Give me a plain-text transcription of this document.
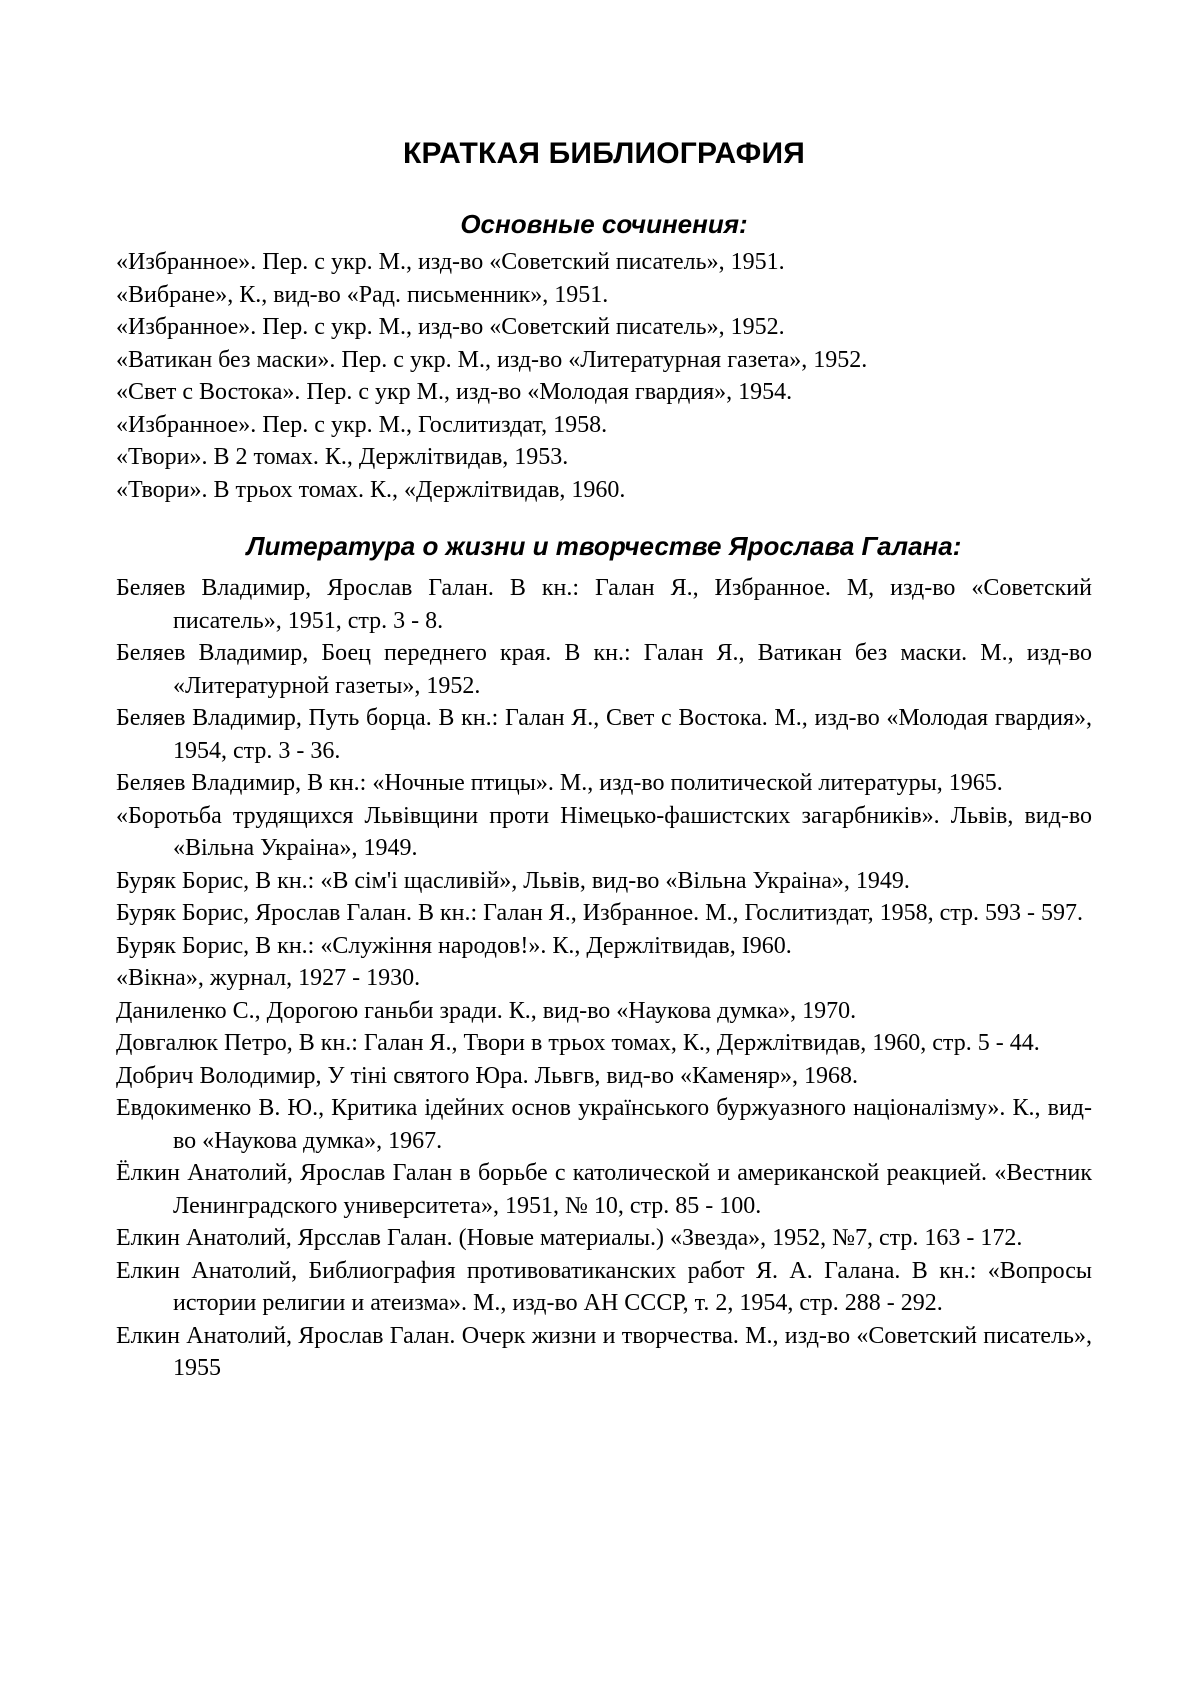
КРАТКАЯ БИБЛИОГРАФИЯ
Основные сочинения:
«Избранное». Пер. с укр. М., изд-во «Советский писатель», 1951.
«Вибране», К., вид-во «Рад. письменник», 1951.
«Избранное». Пер. с укр. М., изд-во «Советский писатель», 1952.
«Ватикан без маски». Пер. с укр. М., изд-во «Литературная газета», 1952.
«Свет с Востока». Пер. с укр М., изд-во «Молодая гвардия», 1954.
«Избранное». Пер. с укр. М., Гослитиздат, 1958.
«Твори». В 2 томах. К., Держлітвидав, 1953.
«Твори». В трьох томах. К., «Держлітвидав, 1960.
Литература о жизни и творчестве Ярослава Галана:
Беляев Владимир, Ярослав Галан. В кн.: Галан Я., Избранное. М, изд-во «Советский писатель», 1951, стр. 3 - 8.
Беляев Владимир, Боец переднего края. В кн.: Галан Я., Ватикан без маски. М., изд-во «Литературной газеты», 1952.
Беляев Владимир, Путь борца. В кн.: Галан Я., Свет с Востока. М., изд-во «Молодая гвардия», 1954, стр. 3 - 36.
Беляев Владимир, В кн.: «Ночные птицы». М., изд-во политической литературы, 1965.
«Боротьба трудящихся Львівщини проти Німецько-фашистских загарбників». Львів, вид-во «Вільна Украіна», 1949.
Буряк Борис, В кн.: «В сім'і щасливій», Львів, вид-во «Вільна Украіна», 1949.
Буряк Борис, Ярослав Галан. В кн.: Галан Я., Избранное. М., Гослитиздат, 1958, стр. 593 - 597.
Буряк Борис, В кн.: «Служіння народов!». К., Держлітвидав, І960.
«Вікна», журнал, 1927 - 1930.
Даниленко С., Дорогою ганьби зради. К., вид-во «Наукова думка», 1970.
Довгалюк Петро, В кн.: Галан Я., Твори в трьох томах, К., Держлітвидав, 1960, стр. 5 - 44.
Добрич Володимир, У тіні святого Юра. Львгв, вид-во «Каменяр», 1968.
Евдокименко В. Ю., Критика ідейних основ українського буржуазного націоналізму». К., вид-во «Наукова думка», 1967.
Ёлкин Анатолий, Ярослав Галан в борьбе с католической и американской реакцией. «Вестник Ленинградского университета», 1951, № 10, стр. 85 - 100.
Елкин Анатолий, Ярсслав Галан. (Новые материалы.) «Звезда», 1952, №7, стр. 163 - 172.
Елкин Анатолий, Библиография противоватиканских работ Я. А. Галана. В кн.: «Вопросы истории религии и атеизма». М., изд-во АН СССР, т. 2, 1954, стр. 288 - 292.
Елкин Анатолий, Ярослав Галан. Очерк жизни и творчества. М., изд-во «Советский писатель», 1955
